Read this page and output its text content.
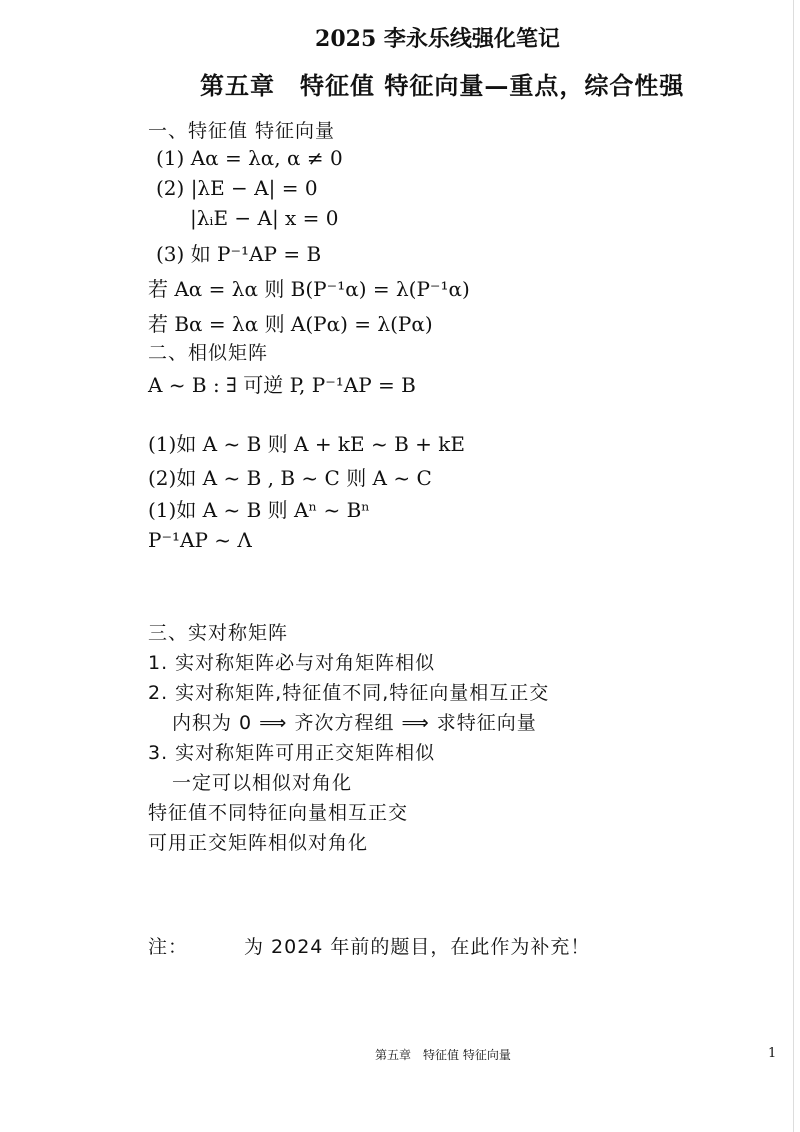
2025 李永乐线强化笔记
第五章　特征值 特征向量—重点，综合性强
一、特征值 特征向量
(1) Aα = λα, α ≠ 0
(2) |λE − A| = 0
|λᵢE − A| x = 0
(3) 如 P⁻¹AP = B
若 Aα = λα 则 B(P⁻¹α) = λ(P⁻¹α)
若 Bα = λα 则 A(Pα) = λ(Pα)
二、相似矩阵
A ~ B : ∃ 可逆 P, P⁻¹AP = B
(1)如 A ~ B 则 A + kE ~ B + kE
(2)如 A ~ B , B ~ C 则 A ~ C
(1)如 A ~ B 则 Aⁿ ~ Bⁿ
P⁻¹AP ~ Λ
三、实对称矩阵
1. 实对称矩阵必与对角矩阵相似
2. 实对称矩阵,特征值不同,特征向量相互正交
内积为 0 ⟹ 齐次方程组 ⟹ 求特征向量
3. 实对称矩阵可用正交矩阵相似
一定可以相似对角化
特征值不同特征向量相互正交
可用正交矩阵相似对角化
注：	为 2024 年前的题目，在此作为补充！
第五章　特征值 特征向量	1
